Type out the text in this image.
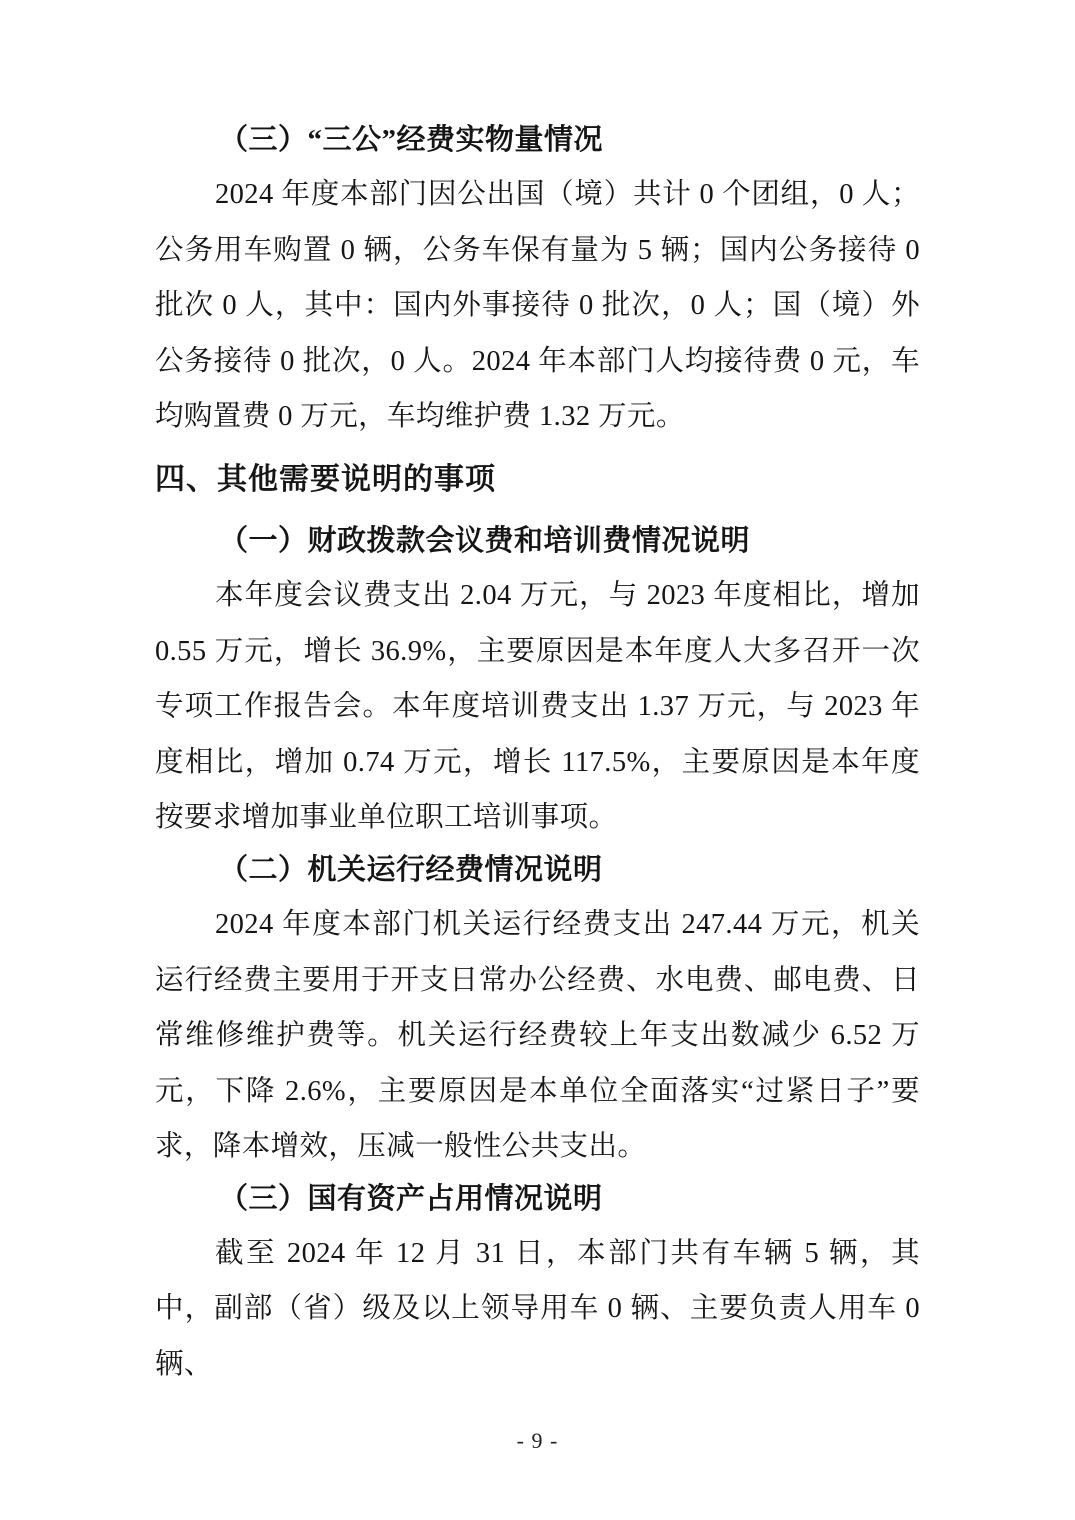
（三）“三公”经费实物量情况

2024 年度本部门因公出国（境）共计 0 个团组，0 人；公务用车购置 0 辆，公务车保有量为 5 辆；国内公务接待 0 批次 0 人，其中：国内外事接待 0 批次，0 人；国（境）外公务接待 0 批次，0 人。2024 年本部门人均接待费 0 元，车均购置费 0 万元，车均维护费 1.32 万元。

四、其他需要说明的事项
（一）财政拨款会议费和培训费情况说明

本年度会议费支出 2.04 万元，与 2023 年度相比，增加 0.55 万元，增长 36.9%，主要原因是本年度人大多召开一次专项工作报告会。本年度培训费支出 1.37 万元，与 2023 年度相比，增加 0.74 万元，增长 117.5%，主要原因是本年度按要求增加事业单位职工培训事项。

（二）机关运行经费情况说明

2024 年度本部门机关运行经费支出 247.44 万元，机关运行经费主要用于开支日常办公经费、水电费、邮电费、日常维修维护费等。机关运行经费较上年支出数减少 6.52 万元，下降 2.6%，主要原因是本单位全面落实“过紧日子”要求，降本增效，压减一般性公共支出。

（三）国有资产占用情况说明

截至 2024 年 12 月 31 日，本部门共有车辆 5 辆，其中，副部（省）级及以上领导用车 0 辆、主要负责人用车 0 辆、

- 9 -
